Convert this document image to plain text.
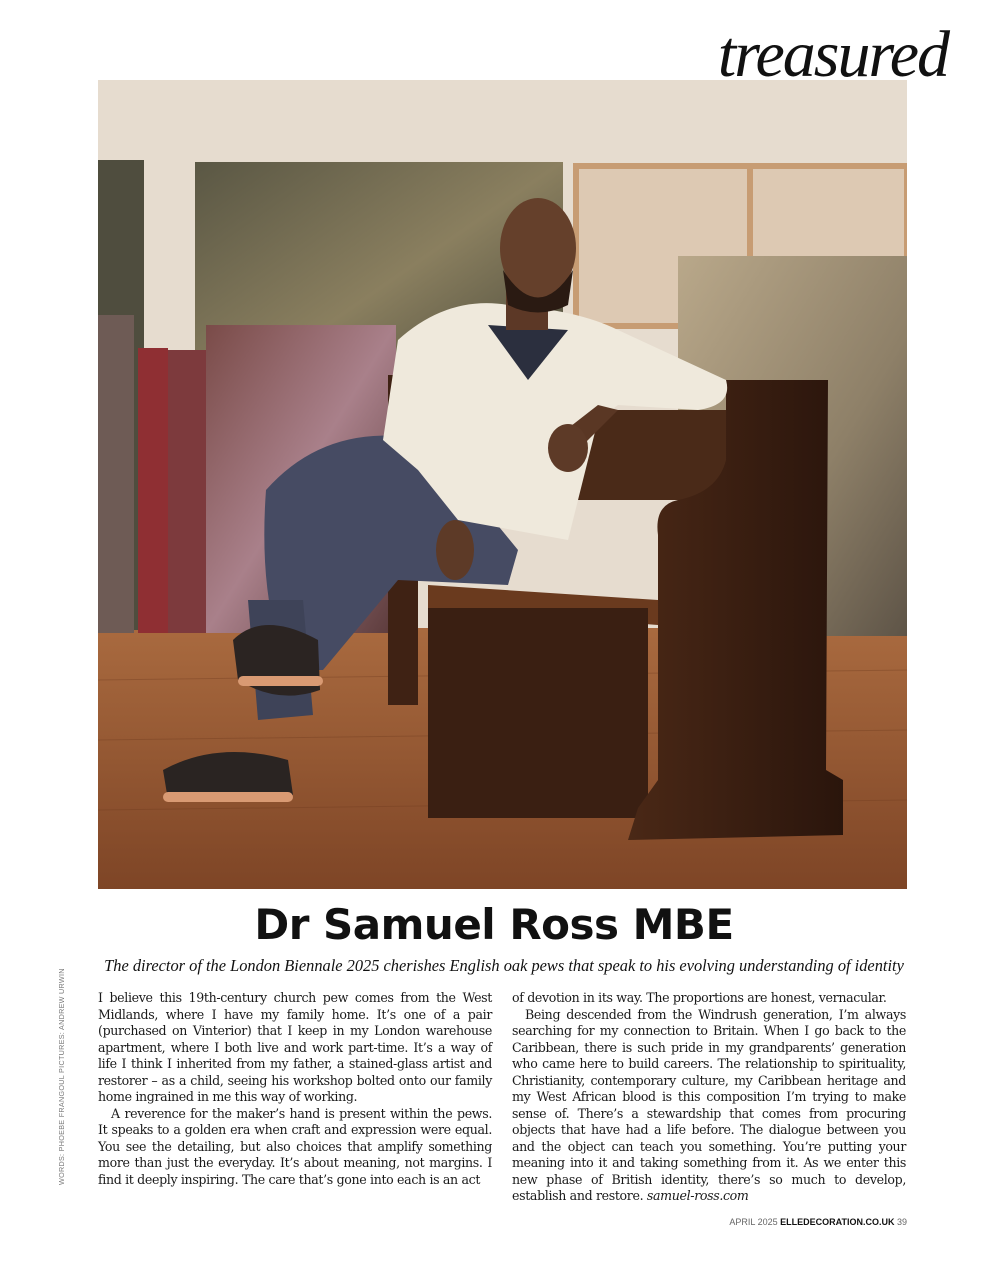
treasured
Dr Samuel Ross MBE

The director of the London Biennale 2025 cherishes English oak pews that speak to his evolving understanding of identity

WORDS: PHOEBE FRANGOUL PICTURES: ANDREW URWIN	I believe this 19th-century church pew comes from the West Midlands, where I have my family home. It’s one of a pair (purchased on Vinterior) that I keep in my London warehouse apartment, where I both live and work part-time. It’s a way of life I think I inherited from my father, a stained-glass artist and restorer – as a child, seeing his workshop bolted onto our family home ingrained in me this way of working.

A reverence for the maker’s hand is present within the pews. It speaks to a golden era when craft and expression were equal. You see the detailing, but also choices that amplify something more than just the everyday. It’s about meaning, not margins. I find it deeply inspiring. The care that’s gone into each is an act

of devotion in its way. The proportions are honest, vernacular.

Being descended from the Windrush generation, I’m always searching for my connection to Britain. When I go back to the Caribbean, there is such pride in my grandparents’ generation who came here to build careers. The relationship to spirituality, Christianity, contemporary culture, my Caribbean heritage and my West African blood is this composition I’m trying to make sense of. There’s a stewardship that comes from procuring objects that have had a life before. The dialogue between you and the object can teach you something. You’re putting your meaning into it and taking something from it. As we enter this new phase of British identity, there’s so much to develop, establish and restore. samuel-ross.com

APRIL 2025 ELLEDECORATION.CO.UK 39
